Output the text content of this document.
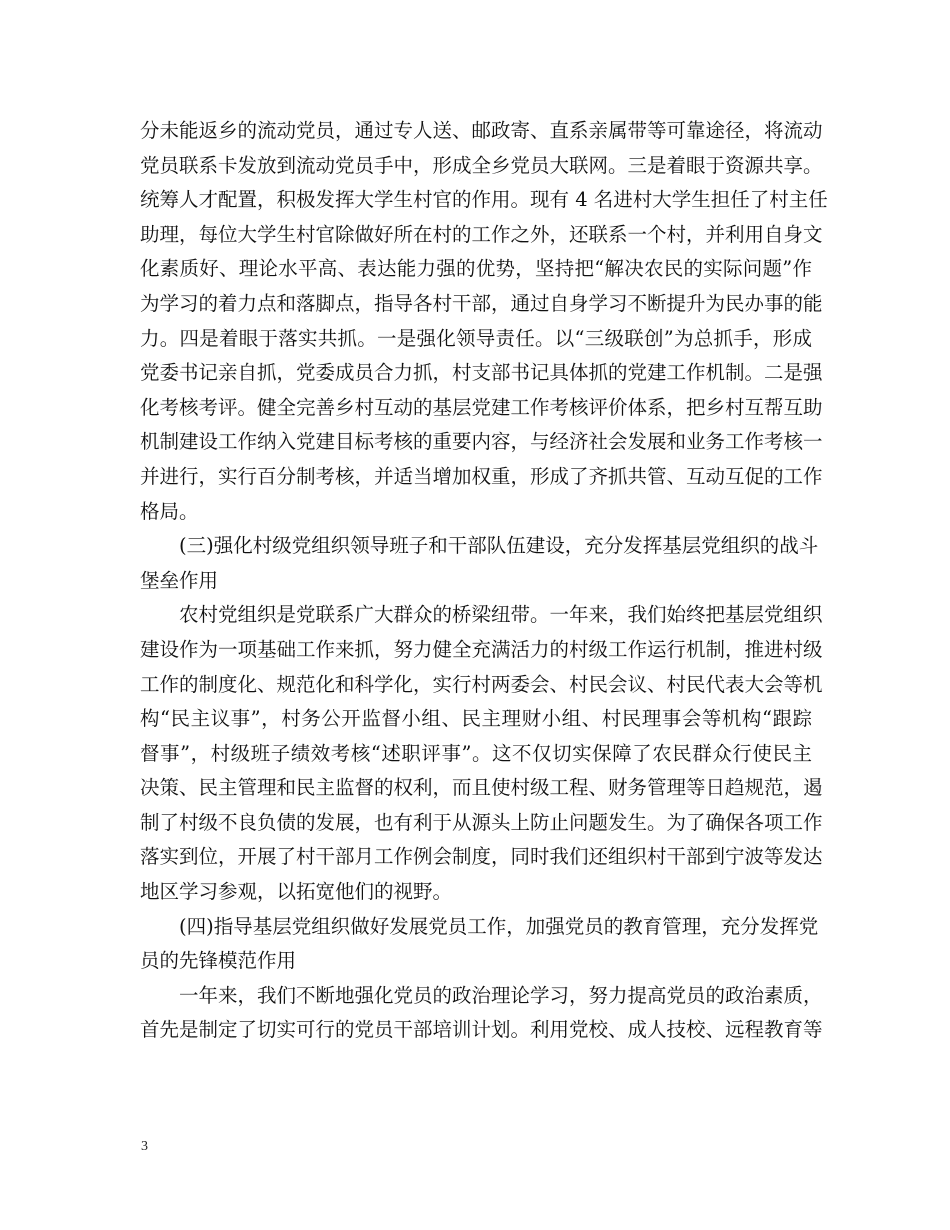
分未能返乡的流动党员，通过专人送、邮政寄、直系亲属带等可靠途径，将流动
党员联系卡发放到流动党员手中，形成全乡党员大联网。三是着眼于资源共享。
统筹人才配置，积极发挥大学生村官的作用。现有 4 名进村大学生担任了村主任
助理，每位大学生村官除做好所在村的工作之外，还联系一个村，并利用自身文
化素质好、理论水平高、表达能力强的优势，坚持把“解决农民的实际问题”作
为学习的着力点和落脚点，指导各村干部，通过自身学习不断提升为民办事的能
力。四是着眼于落实共抓。一是强化领导责任。以“三级联创”为总抓手，形成
党委书记亲自抓，党委成员合力抓，村支部书记具体抓的党建工作机制。二是强
化考核考评。健全完善乡村互动的基层党建工作考核评价体系，把乡村互帮互助
机制建设工作纳入党建目标考核的重要内容，与经济社会发展和业务工作考核一
并进行，实行百分制考核，并适当增加权重，形成了齐抓共管、互动互促的工作
格局。
(三)强化村级党组织领导班子和干部队伍建设，充分发挥基层党组织的战斗
堡垒作用
农村党组织是党联系广大群众的桥梁纽带。一年来，我们始终把基层党组织
建设作为一项基础工作来抓，努力健全充满活力的村级工作运行机制，推进村级
工作的制度化、规范化和科学化，实行村两委会、村民会议、村民代表大会等机
构“民主议事”，村务公开监督小组、民主理财小组、村民理事会等机构“跟踪
督事”，村级班子绩效考核“述职评事”。这不仅切实保障了农民群众行使民主
决策、民主管理和民主监督的权利，而且使村级工程、财务管理等日趋规范，遏
制了村级不良负债的发展，也有利于从源头上防止问题发生。为了确保各项工作
落实到位，开展了村干部月工作例会制度，同时我们还组织村干部到宁波等发达
地区学习参观，以拓宽他们的视野。
(四)指导基层党组织做好发展党员工作，加强党员的教育管理，充分发挥党
员的先锋模范作用
一年来，我们不断地强化党员的政治理论学习，努力提高党员的政治素质，
首先是制定了切实可行的党员干部培训计划。利用党校、成人技校、远程教育等
3
